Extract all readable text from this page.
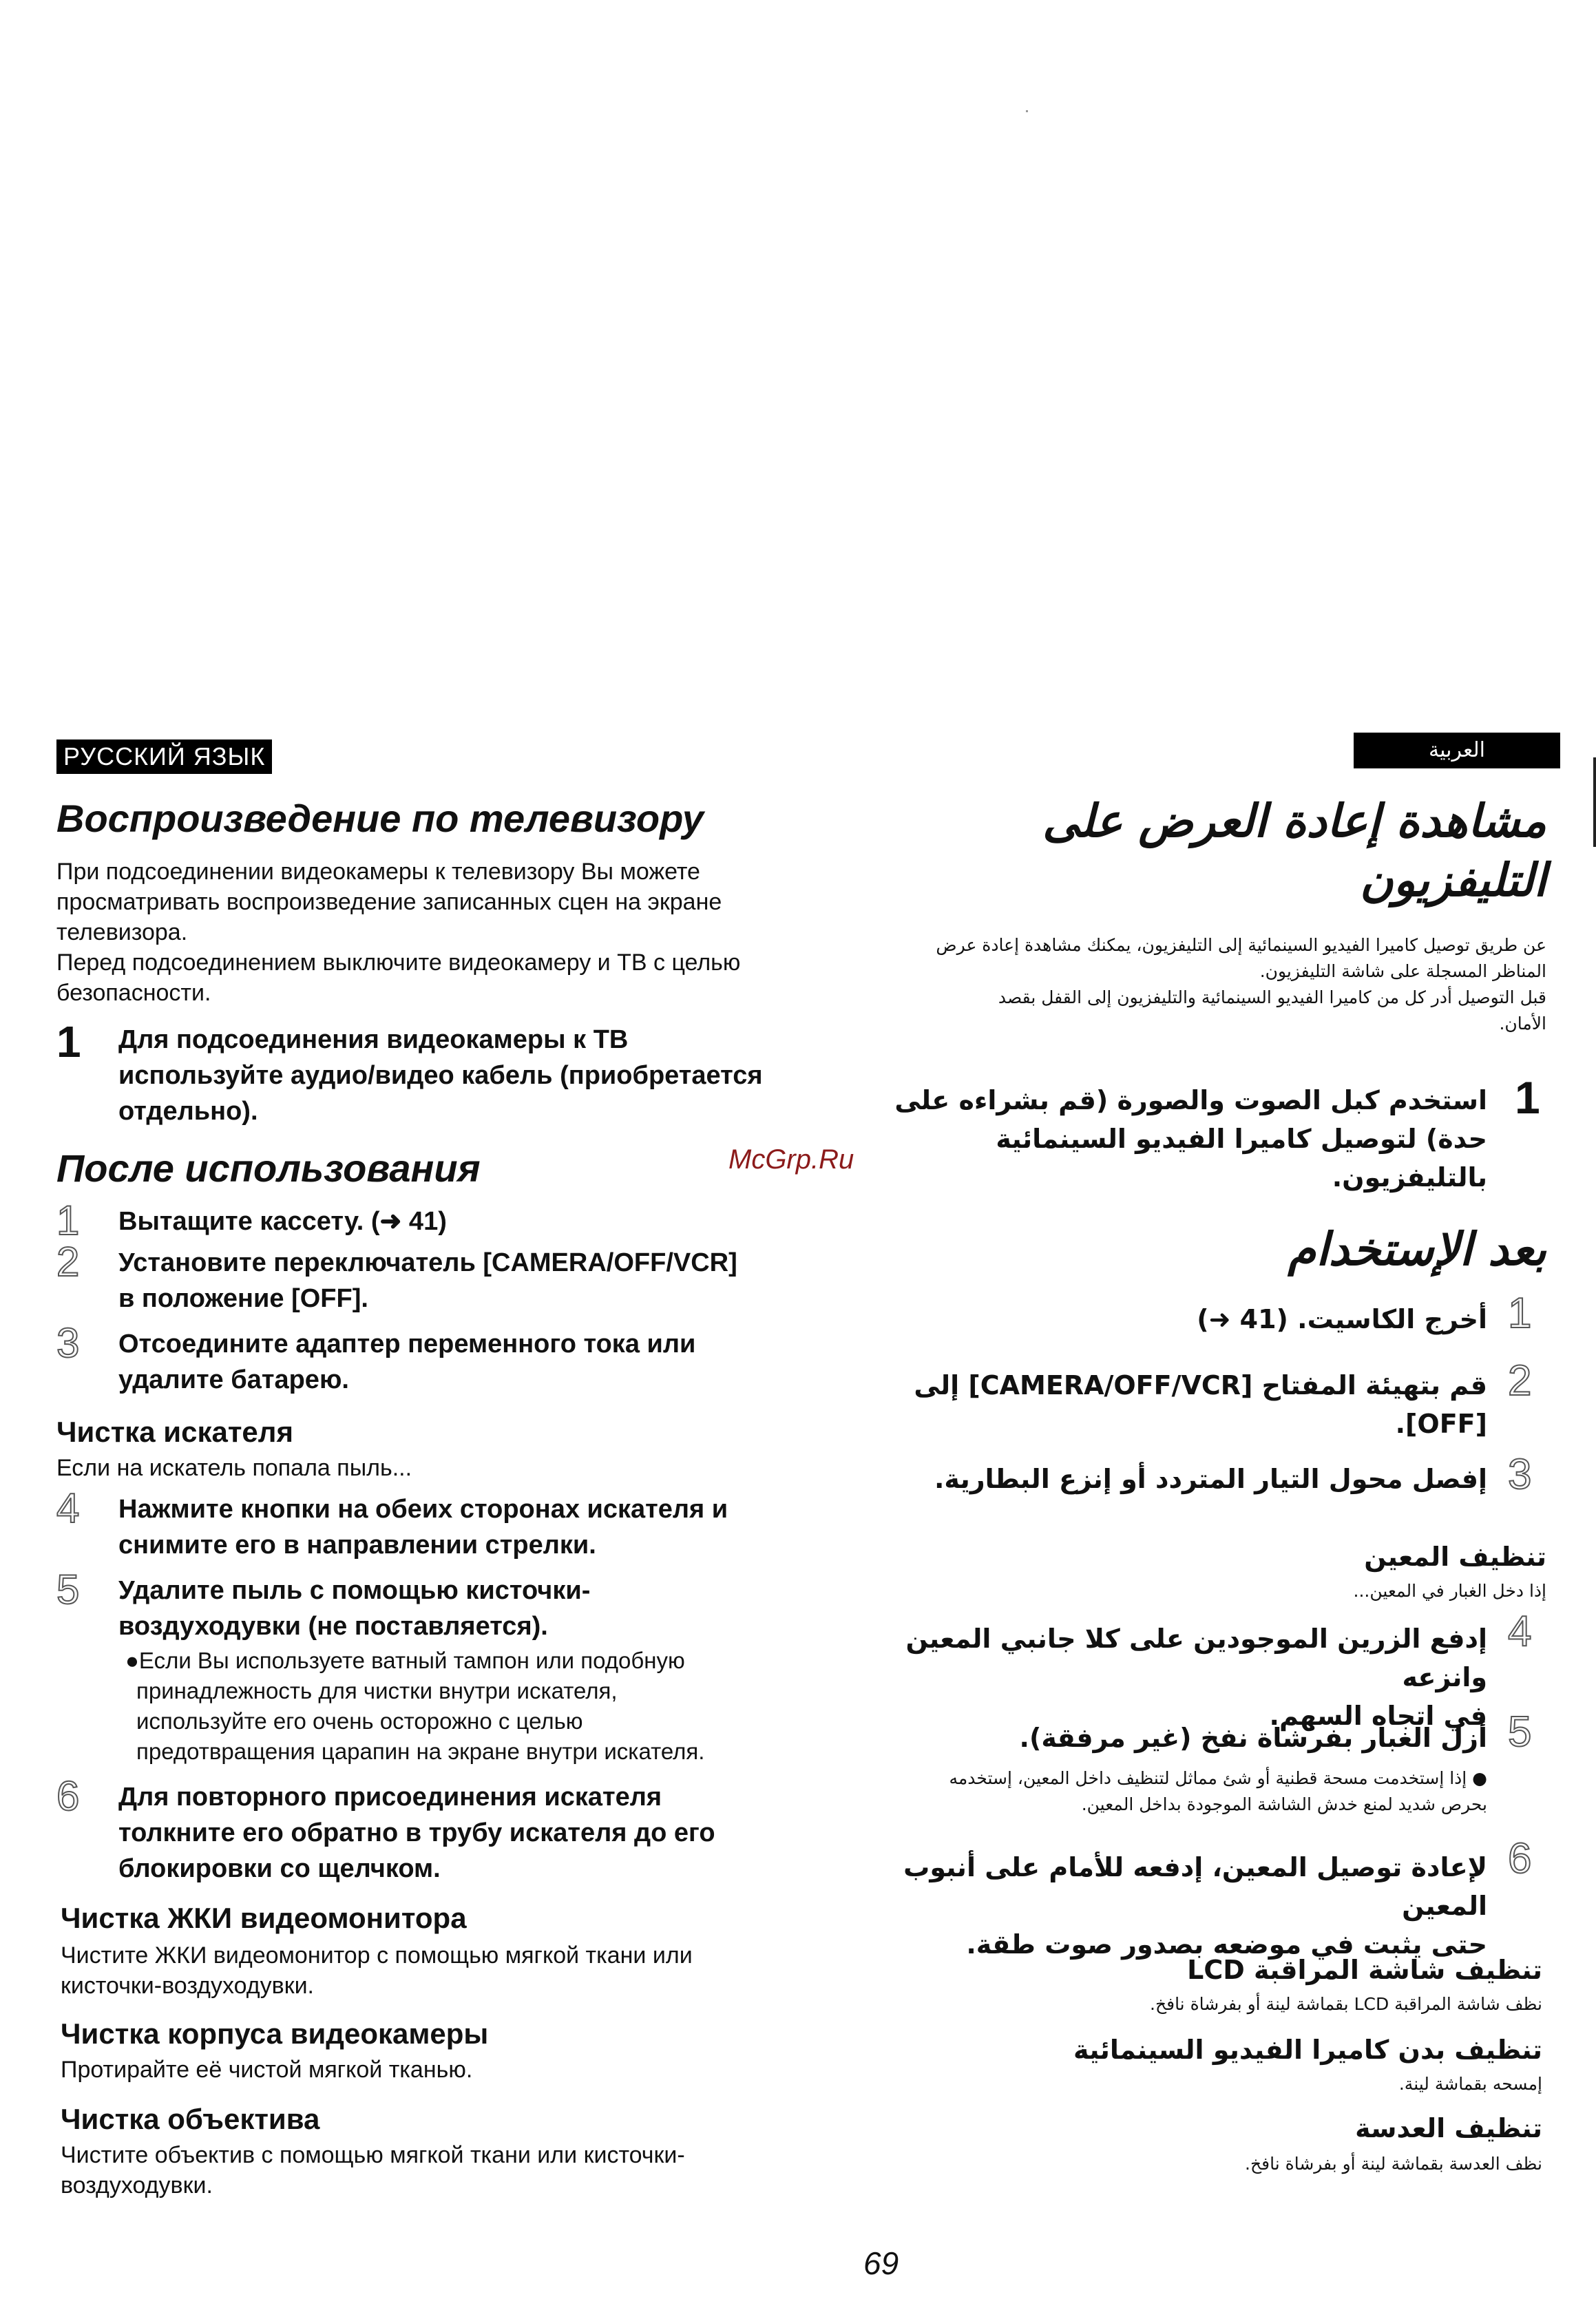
РУССКИЙ ЯЗЫК
Воспроизведение по телевизору
При подсоединении видеокамеры к телевизору Вы можете
просматривать воспроизведение записанных сцен на экране
телевизора.
Перед подсоединением выключите видеокамеру и ТВ с целью
безопасности.
1 Для подсоединения видеокамеры к ТВ
используйте аудио/видео кабель (приобретается
отдельно).
После использования
1 Вытащите кассету. (➜ 41)
2 Установите переключатель [CAMERA/OFF/VCR]
в положение [OFF].
3 Отсоедините адаптер переменного тока или
удалите батарею.
Чистка искателя
Если на искатель попала пыль...
4 Нажмите кнопки на обеих сторонах искателя и
снимите его в направлении стрелки.
5 Удалите пыль с помощью кисточки-
воздуходувки (не поставляется).
●Если Вы используете ватный тампон или подобную
принадлежность для чистки внутри искателя,
используйте его очень осторожно с целью
предотвращения царапин на экране внутри искателя.
6 Для повторного присоединения искателя
толкните его обратно в трубу искателя до его
блокировки со щелчком.
Чистка ЖКИ видеомонитора
Чистите ЖКИ видеомонитор с помощью мягкой ткани или
кисточки-воздуходувки.
Чистка корпуса видеокамеры
Протирайте её чистой мягкой тканью.
Чистка объектива
Чистите объектив с помощью мягкой ткани или кисточки-
воздуходувки.
McGrp.Ru
العربية
مشاهدة إعادة العرض على
التليفزيون
عن طريق توصيل كاميرا الفيديو السينمائية إلى التليفزيون، يمكنك مشاهدة إعادة عرض
المناظر المسجلة على شاشة التليفزيون.
قبل التوصيل أدر كل من كاميرا الفيديو السينمائية والتليفزيون إلى القفل بقصد
الأمان.
1
استخدم كبل الصوت والصورة (قم بشراءه على
حدة) لتوصيل كاميرا الفيديو السينمائية
بالتليفزيون.
بعد الإستخدام
1
أخرج الكاسيت. (41 ➜)
2
قم بتهيئة المفتاح [CAMERA/OFF/VCR] إلى
[OFF].
3
إفصل محول التيار المتردد أو إنزع البطارية.
تنظيف المعين
إذا دخل الغبار في المعين...
4
إدفع الزرين الموجودين على كلا جانبي المعين وانزعه
في اتجاه السهم. 5
أزل الغبار بفرشاة نفخ (غير مرفقة).
● إذا إستخدمت مسحة قطنية أو شئ مماثل لتنظيف داخل المعين، إستخدمه
بحرص شديد لمنع خدش الشاشة الموجودة بداخل المعين.
6
لإعادة توصيل المعين، إدفعه للأمام على أنبوب المعين
حتى يثبت في موضعه بصدور صوت طقة.
تنظيف شاشة المراقبة LCD
نظف شاشة المراقبة LCD بقماشة لينة أو بفرشاة نافخ.
تنظيف بدن كاميرا الفيديو السينمائية
إمسحه بقماشة لينة.
تنظيف العدسة
نظف العدسة بقماشة لينة أو بفرشاة نافخ.
69
